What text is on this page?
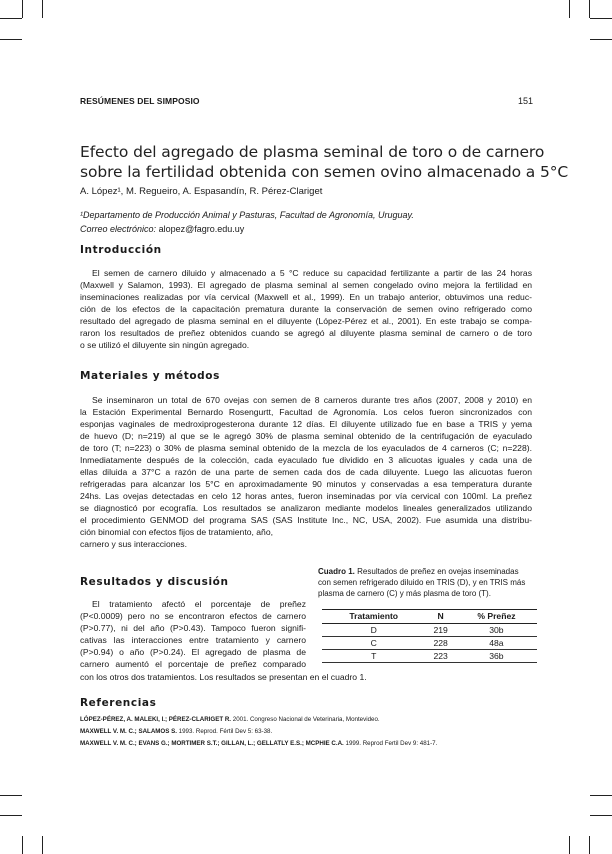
RESÚMENES DEL SIMPOSIO	151
Efecto del agregado de plasma seminal de toro o de carnero
sobre la fertilidad obtenida con semen ovino almacenado a 5°C
A. López¹, M. Regueiro, A. Espasandín, R. Pérez-Clariget
¹Departamento de Producción Animal y Pasturas, Facultad de Agronomía, Uruguay.
Correo electrónico: alopez@fagro.edu.uy
Introducción
El semen de carnero diluido y almacenado a 5 °C reduce su capacidad fertilizante a partir de las 24 horas
(Maxwell y Salamon, 1993). El agregado de plasma seminal al semen congelado ovino mejora la fertilidad en
inseminaciones realizadas por vía cervical (Maxwell et al., 1999). En un trabajo anterior, obtuvimos una reduc-
ción de los efectos de la capacitación prematura durante la conservación de semen ovino refrigerado como
resultado del agregado de plasma seminal en el diluyente (López-Pérez et al., 2001). En este trabajo se compa-
raron los resultados de preñez obtenidos cuando se agregó al diluyente plasma seminal de carnero o de toro
o se utilizó el diluyente sin ningún agregado.
Materiales y métodos
Se inseminaron un total de 670 ovejas con semen de 8 carneros durante tres años (2007, 2008 y 2010) en
la Estación Experimental Bernardo Rosengurtt, Facultad de Agronomía. Los celos fueron sincronizados con
esponjas vaginales de medroxiprogesterona durante 12 días. El diluyente utilizado fue en base a TRIS y yema
de huevo (D; n=219) al que se le agregó 30% de plasma seminal obtenido de la centrifugación de eyaculado
de toro (T; n=223) o 30% de plasma seminal obtenido de la mezcla de los eyaculados de 4 carneros (C; n=228).
Inmediatamente después de la colección, cada eyaculado fue dividido en 3 alicuotas iguales y cada una de
ellas diluida a 37°C a razón de una parte de semen cada dos de cada diluyente. Luego las alicuotas fueron
refrigeradas para alcanzar los 5°C en aproximadamente 90 minutos y conservadas a esa temperatura durante
24hs. Las ovejas detectadas en celo 12 horas antes, fueron inseminadas por vía cervical con 100ml. La preñez
se diagnosticó por ecografía. Los resultados se analizaron mediante modelos lineales generalizados utilizando
el procedimiento GENMOD del programa SAS (SAS Institute Inc., NC, USA, 2002). Fue asumida una distribu-
ción binomial con efectos fijos de tratamiento, año,
carnero y sus interacciones.
Resultados y discusión
El tratamiento afectó el porcentaje de preñez
(P<0.0009) pero no se encontraron efectos de carnero
(P>0.77), ni del año (P>0.43). Tampoco fueron signifi-
cativas las interacciones entre tratamiento y carnero
(P>0.94) o año (P>0.24). El agregado de plasma de
carnero aumentó el porcentaje de preñez comparado
con los otros dos tratamientos. Los resultados se presentan en el cuadro 1.
Cuadro 1. Resultados de preñez en ovejas inseminadas
con semen refrigerado diluido en TRIS (D), y en TRIS más
plasma de carnero (C) y más plasma de toro (T).
Tratamiento	N	% Preñez
D	219	30b
C	228	48a
T	223	36b
Referencias
LÓPEZ-PÉREZ, A. MALEKI, I.; PÉREZ-CLARIGET R. 2001. Congreso Nacional de Veterinaria, Montevideo.
MAXWELL V. M. C.; SALAMOS S. 1993. Reprod. Fértil Dev 5: 63-38.
MAXWELL V. M. C.; EVANS G.; MORTIMER S.T.; GILLAN, L.; GELLATLY E.S.; MCPHIE C.A. 1999. Reprod Fertil Dev 9: 481-7.
